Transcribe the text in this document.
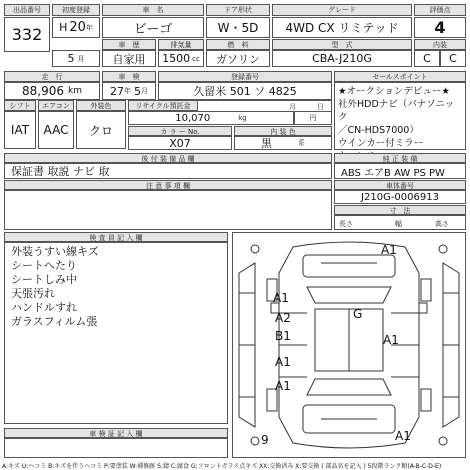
出品番号	初度登録	車　名	ドア形状	グレード	評価点
332	H 20 年	ビーゴ	W・5D	4WD CX リミテッド	4
車　歴	排気量	燃　料	型　式	内装
5 月	自家用	1500 cc	ガソリン	CBA-J210G	C	C
走　行	車　検	登録番号	セールスポイント
88,906 km	27 年 5 月	久留米 501 ソ 4825	★オークションデビュー★
社外HDDナビ（パナソニック
／CN-HDS7000）
ウインカー付ミラー
月	日
シフト	エアコン	外装色	リサイクル預託金
IAT	AAC	クロ
10,070	kg	円
カ ラ ー No.	内 装 色
X07	黒	系
後 付 装 備 品 欄
保証書 取説 ナビ 取
純 正 装 備
ABS エアB AW PS PW
注 意 事 項 欄	車体番号
J210G-0006913
寸　法
長さ	幅	高さ
検 査 員 記 入 欄
外装うすい線キズ
シートへたり
シートしみ中
天張汚れ
ハンドルすれ
ガラスフィルム張
車 検 証 記 入 欄
A1
A1
A2	G
B1	A1
A1
A1
A1
9
A:キズ U:ヘコミ B:キズを伴うヘコミ P:要塗装 W:補修跡 S:錆 C:腐食 G:フロントガラス点キズ XX:交換済み X:要交換 ( 部品名を記入 ) 5段階ランク順(A-B-C-D-E)
